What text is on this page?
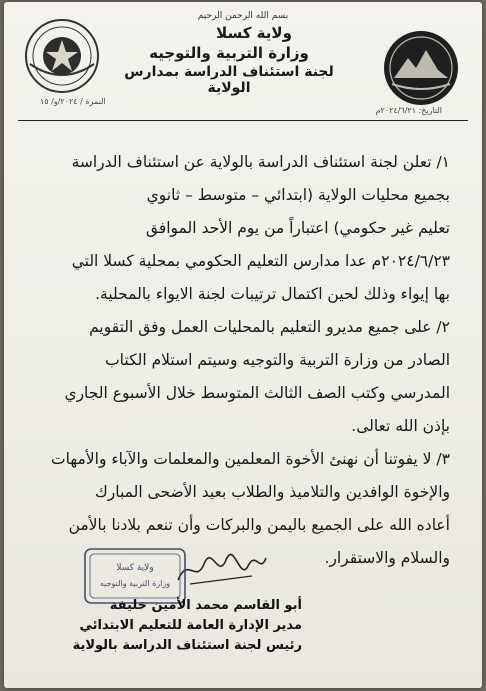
بسم الله الرحمن الرحيم
ولاية كسلا
وزارة التربية والتوجيه
لجنة استئناف الدراسة بمدارس الولاية
النمرة / ٢٠٢٤/و/ ١٥
التاريخ: ٢٠٢٤/٦/٢١م
١/ تعلن لجنة استئناف الدراسة بالولاية عن استئناف الدراسة
بجميع محليات الولاية (ابتدائي – متوسط – ثانوي
تعليم غير حكومي) اعتباراً من يوم الأحد الموافق
٢٠٢٤/٦/٢٣م عدا مدارس التعليم الحكومي بمحلية كسلا التي
بها إيواء وذلك لحين اكتمال ترتيبات لجنة الايواء بالمحلية.
٢/ على جميع مديرو التعليم بالمحليات العمل وفق التقويم
الصادر من وزارة التربية والتوجيه وسيتم استلام الكتاب
المدرسي وكتب الصف الثالث المتوسط خلال الأسبوع الجاري
بإذن الله تعالى.
٣/ لا يفوتنا أن نهنئ الأخوة المعلمين والمعلمات والآباء والأمهات
والإخوة الوافدين والتلاميذ والطلاب بعيد الأضحى المبارك
أعاده الله على الجميع باليمن والبركات وأن تنعم بلادنا بالأمن
والسلام والاستقرار.
ولاية كسلا
وزارة التربية والتوجيه
أبو القاسم محمد الأمين خليفة
مدير الإدارة العامة للتعليم الابتدائي
رئيس لجنة استئناف الدراسة بالولاية
